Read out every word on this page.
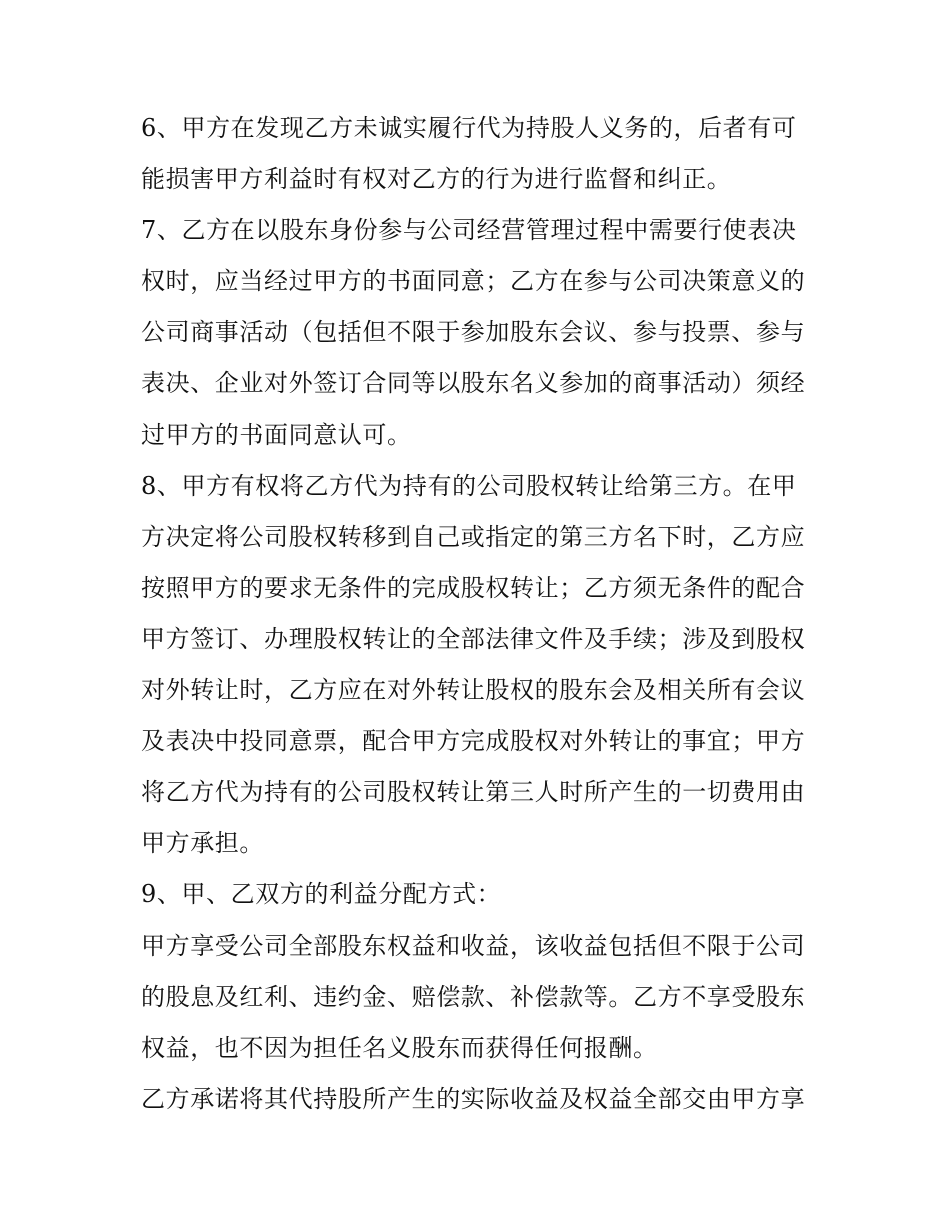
6、甲方在发现乙方未诚实履行代为持股人义务的，后者有可
能损害甲方利益时有权对乙方的行为进行监督和纠正。
7、乙方在以股东身份参与公司经营管理过程中需要行使表决
权时，应当经过甲方的书面同意；乙方在参与公司决策意义的
公司商事活动（包括但不限于参加股东会议、参与投票、参与
表决、企业对外签订合同等以股东名义参加的商事活动）须经
过甲方的书面同意认可。
8、甲方有权将乙方代为持有的公司股权转让给第三方。在甲
方决定将公司股权转移到自己或指定的第三方名下时，乙方应
按照甲方的要求无条件的完成股权转让；乙方须无条件的配合
甲方签订、办理股权转让的全部法律文件及手续；涉及到股权
对外转让时，乙方应在对外转让股权的股东会及相关所有会议
及表决中投同意票，配合甲方完成股权对外转让的事宜；甲方
将乙方代为持有的公司股权转让第三人时所产生的一切费用由
甲方承担。
9、甲、乙双方的利益分配方式：
甲方享受公司全部股东权益和收益，该收益包括但不限于公司
的股息及红利、违约金、赔偿款、补偿款等。乙方不享受股东
权益，也不因为担任名义股东而获得任何报酬。
乙方承诺将其代持股所产生的实际收益及权益全部交由甲方享
